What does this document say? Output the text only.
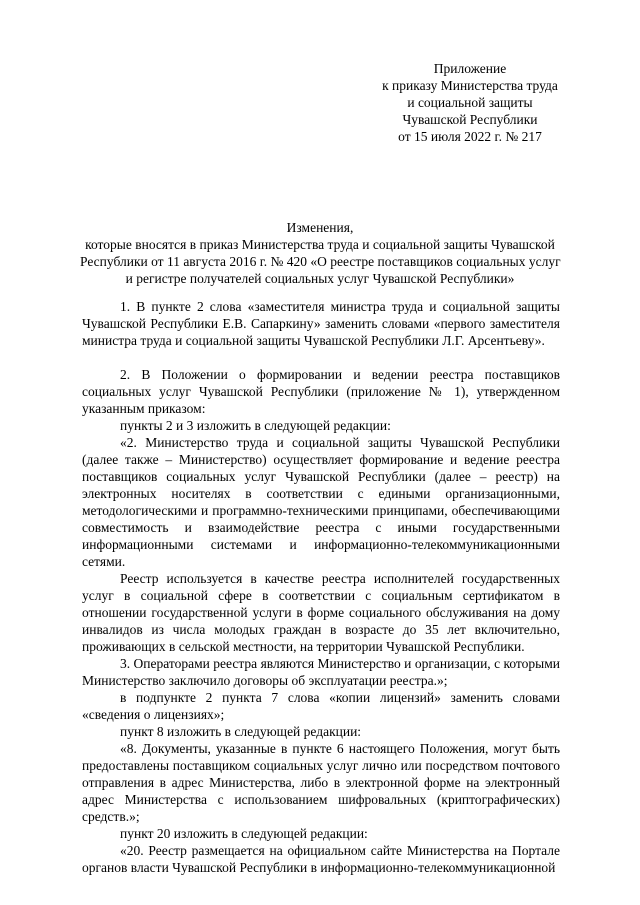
Приложение
к приказу Министерства труда
и социальной защиты
Чувашской Республики
от 15 июля 2022 г. № 217
Изменения,
которые вносятся в приказ Министерства труда и социальной защиты Чувашской
Республики от 11 августа 2016 г. № 420 «О реестре поставщиков социальных услуг
и регистре получателей социальных услуг Чувашской Республики»

1. В пункте 2 слова «заместителя министра труда и социальной защиты Чувашской Республики Е.В. Сапаркину» заменить словами «первого заместителя министра труда и социальной защиты Чувашской Республики Л.Г. Арсентьеву».

2. В Положении о формировании и ведении реестра поставщиков социальных услуг Чувашской Республики (приложение № 1), утвержденном указанным приказом:

пункты 2 и 3 изложить в следующей редакции:

«2. Министерство труда и социальной защиты Чувашской Республики (далее также – Министерство) осуществляет формирование и ведение реестра поставщиков социальных услуг Чувашской Республики (далее – реестр) на электронных носителях в соответствии с едиными организационными, методологическими и программно-техническими принципами, обеспечивающими совместимость и взаимодействие реестра с иными государственными информационными системами и информационно-телекоммуникационными сетями.

Реестр используется в качестве реестра исполнителей государственных услуг в социальной сфере в соответствии с социальным сертификатом в отношении государственной услуги в форме социального обслуживания на дому инвалидов из числа молодых граждан в возрасте до 35 лет включительно, проживающих в сельской местности, на территории Чувашской Республики.

3. Операторами реестра являются Министерство и организации, с которыми Министерство заключило договоры об эксплуатации реестра.»;

в подпункте 2 пункта 7 слова «копии лицензий» заменить словами «сведения о лицензиях»;

пункт 8 изложить в следующей редакции:

«8. Документы, указанные в пункте 6 настоящего Положения, могут быть предоставлены поставщиком социальных услуг лично или посредством почтового отправления в адрес Министерства, либо в электронной форме на электронный адрес Министерства с использованием шифровальных (криптографических) средств.»;

пункт 20 изложить в следующей редакции:

«20. Реестр размещается на официальном сайте Министерства на Портале органов власти Чувашской Республики в информационно-телекоммуникационной
